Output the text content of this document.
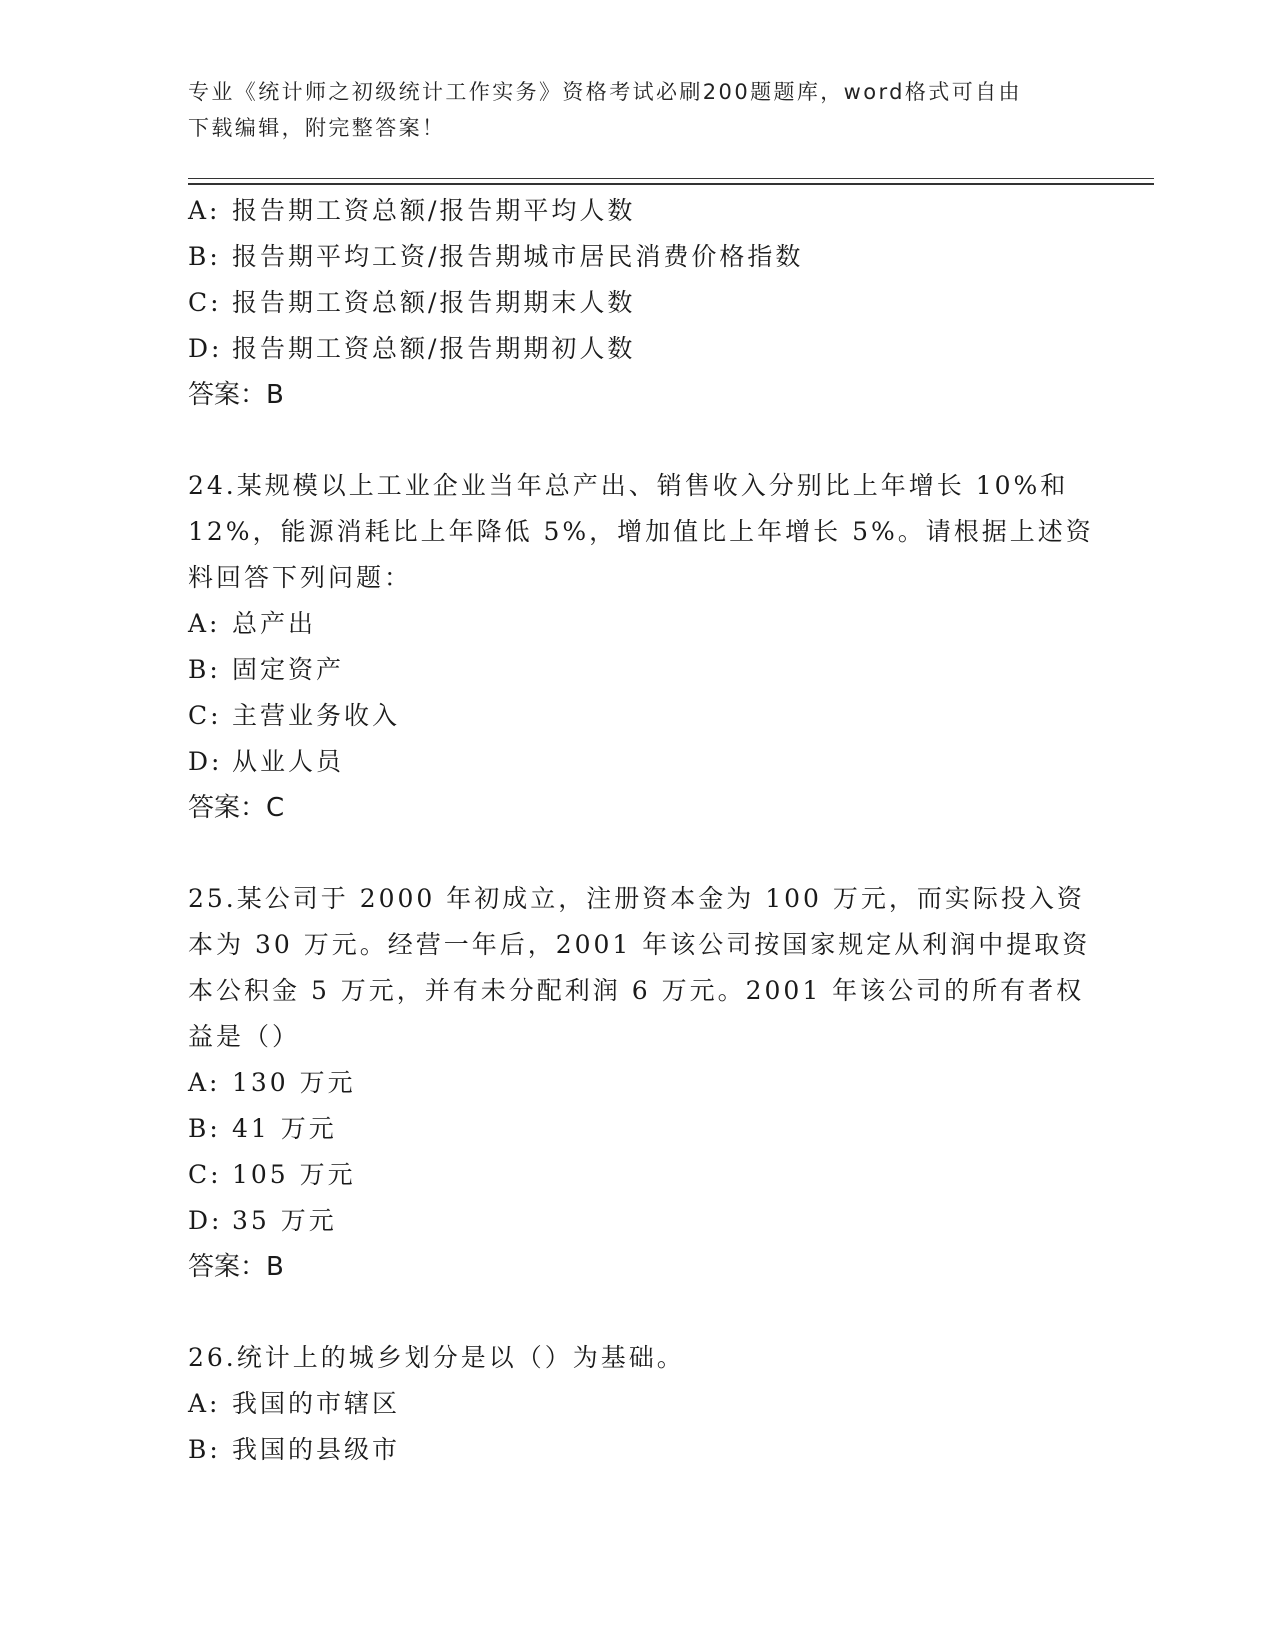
专业《统计师之初级统计工作实务》资格考试必刷200题题库，word格式可自由
下载编辑，附完整答案！
A: 报告期工资总额/报告期平均人数
B: 报告期平均工资/报告期城市居民消费价格指数
C: 报告期工资总额/报告期期末人数
D: 报告期工资总额/报告期期初人数
答案：B
24.某规模以上工业企业当年总产出、销售收入分别比上年增长 10%和
12%，能源消耗比上年降低 5%，增加值比上年增长 5%。请根据上述资
料回答下列问题：
A: 总产出
B: 固定资产
C: 主营业务收入
D: 从业人员
答案：C
25.某公司于 2000 年初成立，注册资本金为 100 万元，而实际投入资
本为 30 万元。经营一年后，2001 年该公司按国家规定从利润中提取资
本公积金 5 万元，并有未分配利润 6 万元。2001 年该公司的所有者权
益是（）
A: 130 万元
B: 41 万元
C: 105 万元
D: 35 万元
答案：B
26.统计上的城乡划分是以（）为基础。
A: 我国的市辖区
B: 我国的县级市
